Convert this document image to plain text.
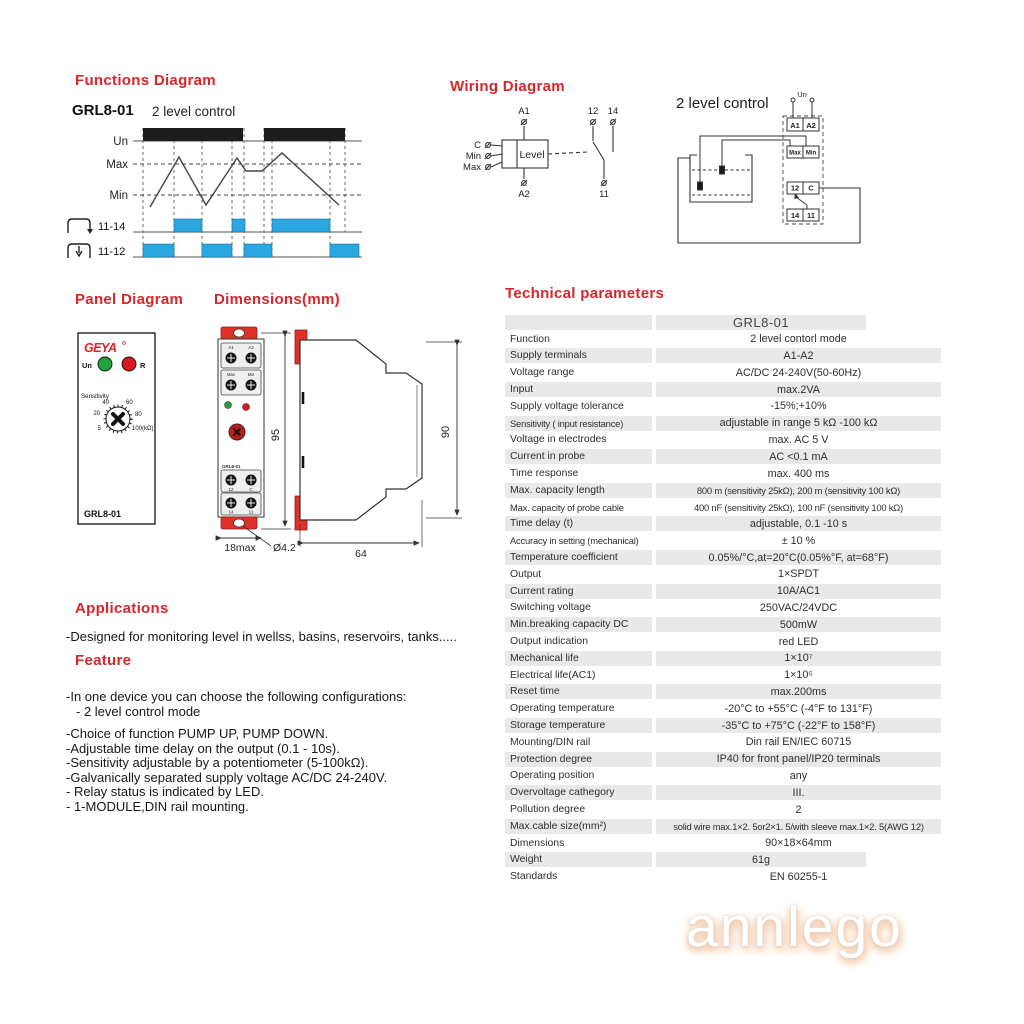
Functions Diagram
GRL8-01 2 level control
Un
Max
Min
11-14
11-12
Wiring Diagram
A1
A2
C
Min
Max
Level
12 14
11
2 level control
Un
A1 A2
Max Min
12 C
14 11
Panel Diagram
GEYA
Un	R
Sensitivity
5
20
40	60
80
100(kΩ)
GRL8-01
Dimensions(mm)
A1	A2
Max	Min
GRL8-01
12	C
14	11
95
18max Ø4.2
90
64
Technical parameters
GRL8-01
Function	2 level contorl mode
Supply terminals	A1-A2
Voltage range	AC/DC 24-240V(50-60Hz)
Input	max.2VA
Supply voltage tolerance	-15%;+10%
Sensitivity ( input resistance)	adjustable in range 5 kΩ -100 kΩ
Voltage in electrodes	max. AC 5 V
Current in probe	AC <0.1 mA
Time response	max. 400 ms
Max. capacity length	800 m (sensitivity 25kΩ), 200 m (sensitivity 100 kΩ)
Max. capacity of probe cable	400 nF (sensitivity 25kΩ), 100 nF (sensitivity 100 kΩ)
Time delay (t)	adjustable, 0.1 -10 s
Accuracy in setting (mechanical)	± 10 %
Temperature coefficient	0.05%/°C,at=20°C(0.05%°F, at=68°F)
Output	1×SPDT
Current rating	10A/AC1
Switching voltage	250VAC/24VDC
Min.breaking capacity DC	500mW
Output indication	red LED
Mechanical life	1×10⁷
Electrical life(AC1)	1×10⁵
Reset time	max.200ms
Operating temperature	-20°C to +55°C (-4°F to 131°F)
Storage temperature	-35°C to +75°C (-22°F to 158°F)
Mounting/DIN rail	Din rail EN/IEC 60715
Protection degree	IP40 for front panel/IP20 terminals
Operating position	any
Overvoltage cathegory	III.
Pollution degree	2
Max.cable size(mm²)	solid wire max.1×2. 5or2×1. 5/with sleeve max.1×2. 5(AWG 12)
Dimensions	90×18×64mm
Weight	61g
Standards	EN 60255-1
Applications
-Designed for monitoring level in wellss, basins, reservoirs, tanks.....
Feature
-In one device you can choose the following configurations:
- 2 level control mode
-Choice of function PUMP UP, PUMP DOWN.
-Adjustable time delay on the output (0.1 - 10s).
-Sensitivity adjustable by a potentiometer (5-100kΩ).
-Galvanically separated supply voltage AC/DC 24-240V.
- Relay status is indicated by LED.
- 1-MODULE,DIN rail mounting.
annlego
